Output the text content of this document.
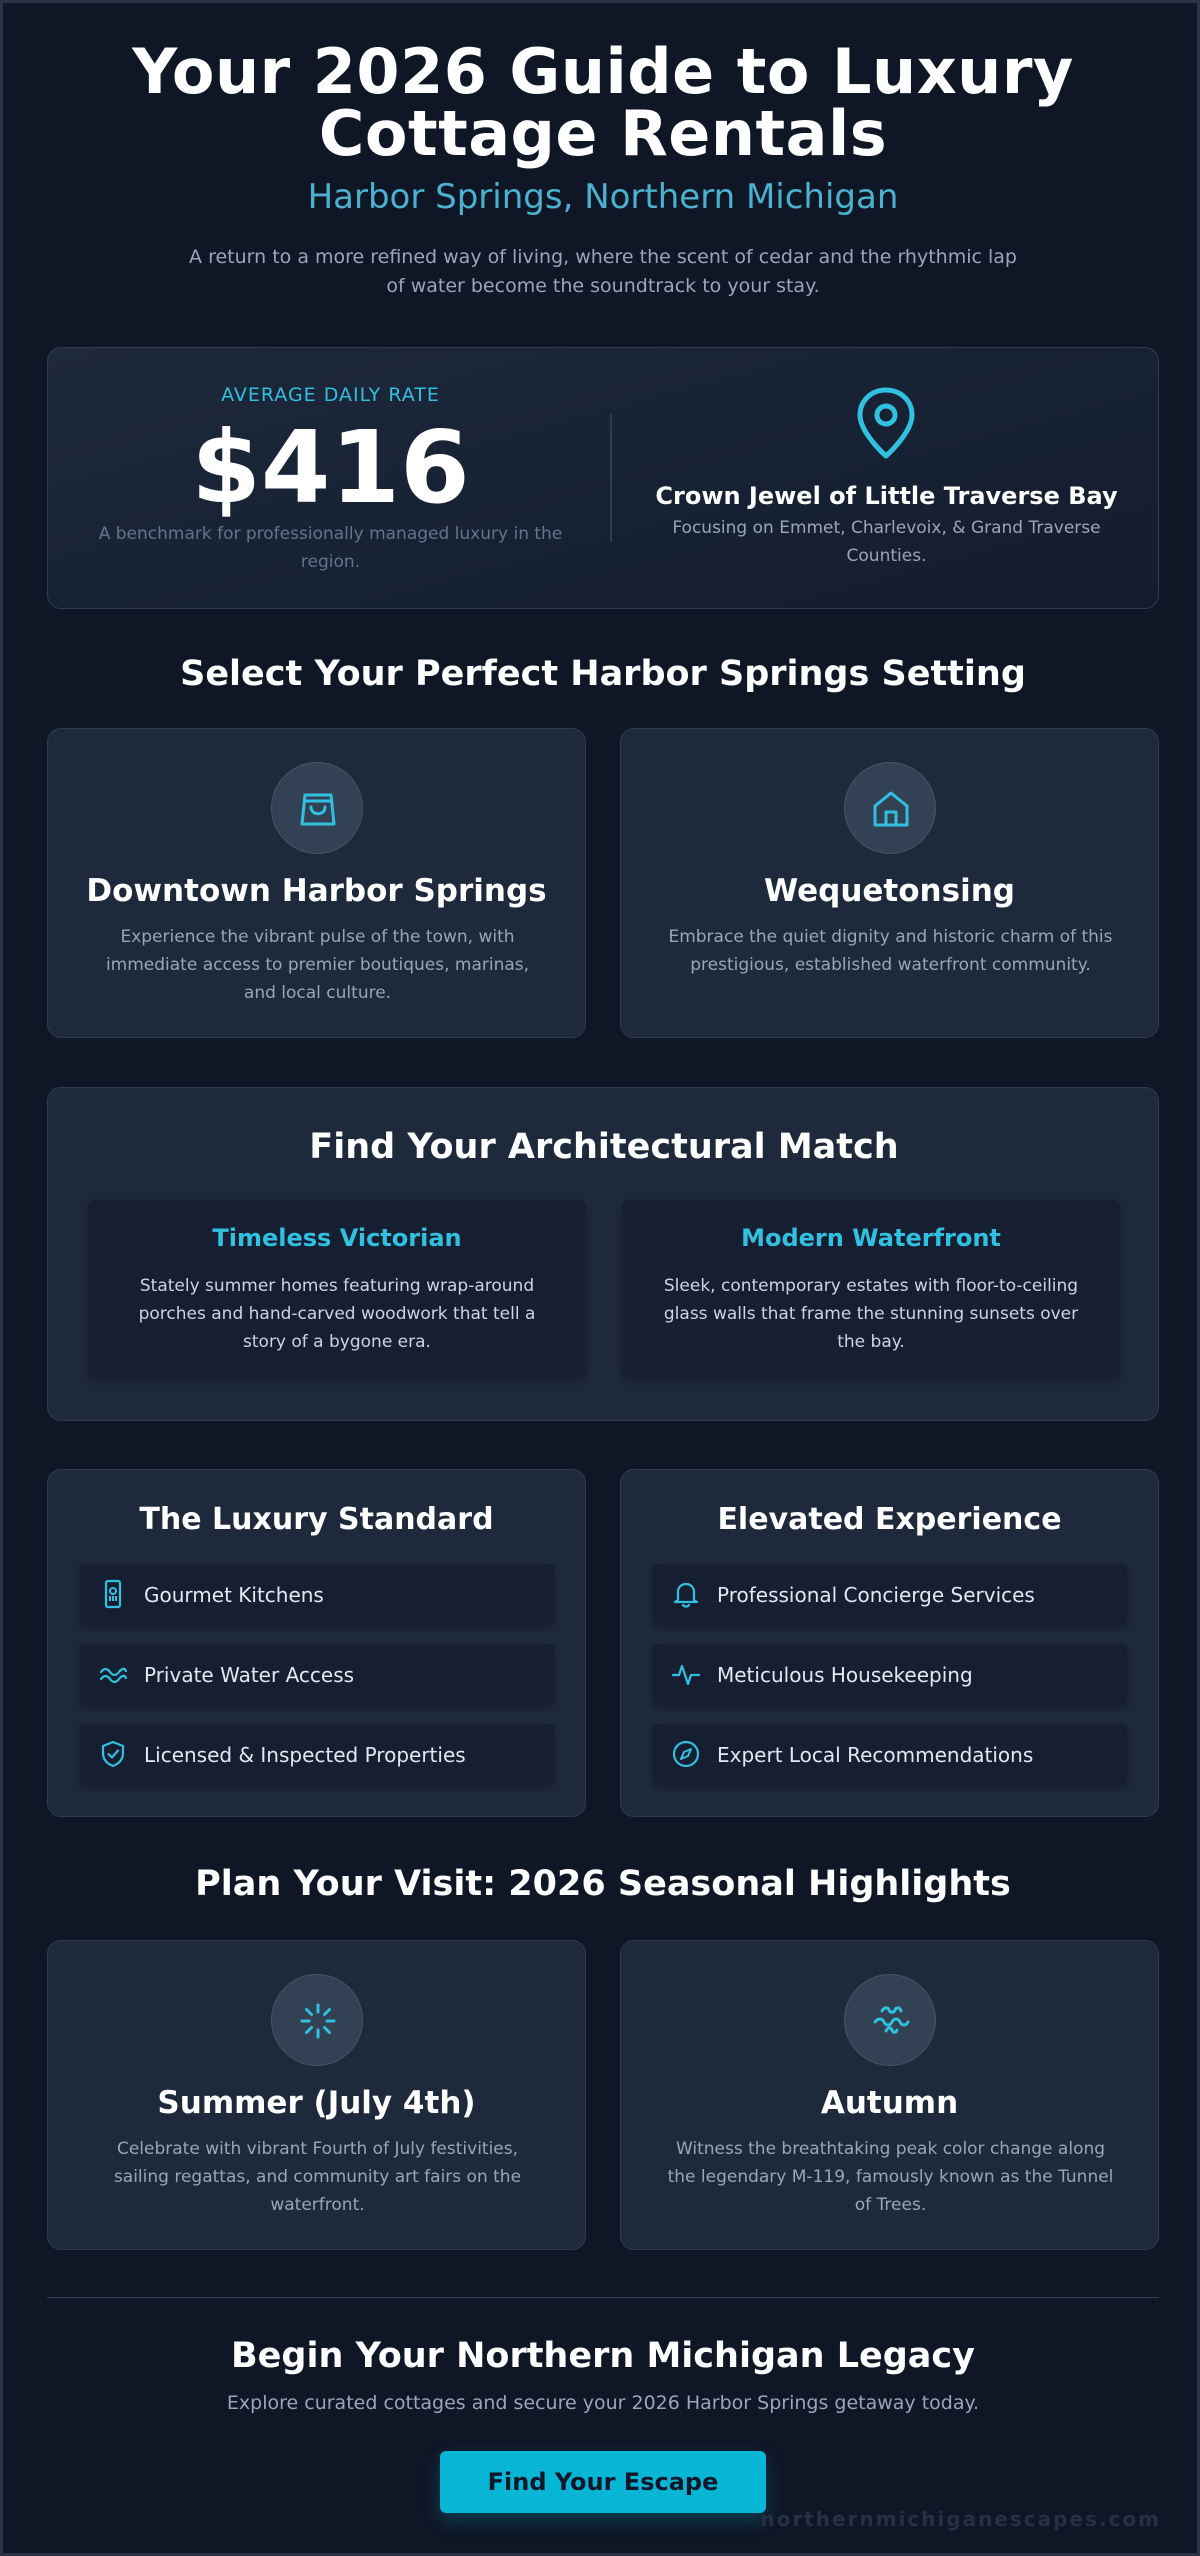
Your 2026 Guide to Luxury
Cottage Rentals
Harbor Springs, Northern Michigan
A return to a more refined way of living, where the scent of cedar and the rhythmic lap
of water become the soundtrack to your stay.
AVERAGE DAILY RATE
$416
A benchmark for professionally managed luxury in the
region.
Crown Jewel of Little Traverse Bay
Focusing on Emmet, Charlevoix, & Grand Traverse
Counties.
Select Your Perfect Harbor Springs Setting
Downtown Harbor Springs
Experience the vibrant pulse of the town, with
immediate access to premier boutiques, marinas,
and local culture.
Wequetonsing
Embrace the quiet dignity and historic charm of this
prestigious, established waterfront community.
Find Your Architectural Match
Timeless Victorian
Stately summer homes featuring wrap-around
porches and hand-carved woodwork that tell a
story of a bygone era.
Modern Waterfront
Sleek, contemporary estates with floor-to-ceiling
glass walls that frame the stunning sunsets over
the bay.
The Luxury Standard
Gourmet Kitchens
Private Water Access
Licensed & Inspected Properties
Elevated Experience
Professional Concierge Services
Meticulous Housekeeping
Expert Local Recommendations
Plan Your Visit: 2026 Seasonal Highlights
Summer (July 4th)
Celebrate with vibrant Fourth of July festivities,
sailing regattas, and community art fairs on the
waterfront.
Autumn
Witness the breathtaking peak color change along
the legendary M-119, famously known as the Tunnel
of Trees.
Begin Your Northern Michigan Legacy
Explore curated cottages and secure your 2026 Harbor Springs getaway today.
Find Your Escape
northernmichiganescapes.com
